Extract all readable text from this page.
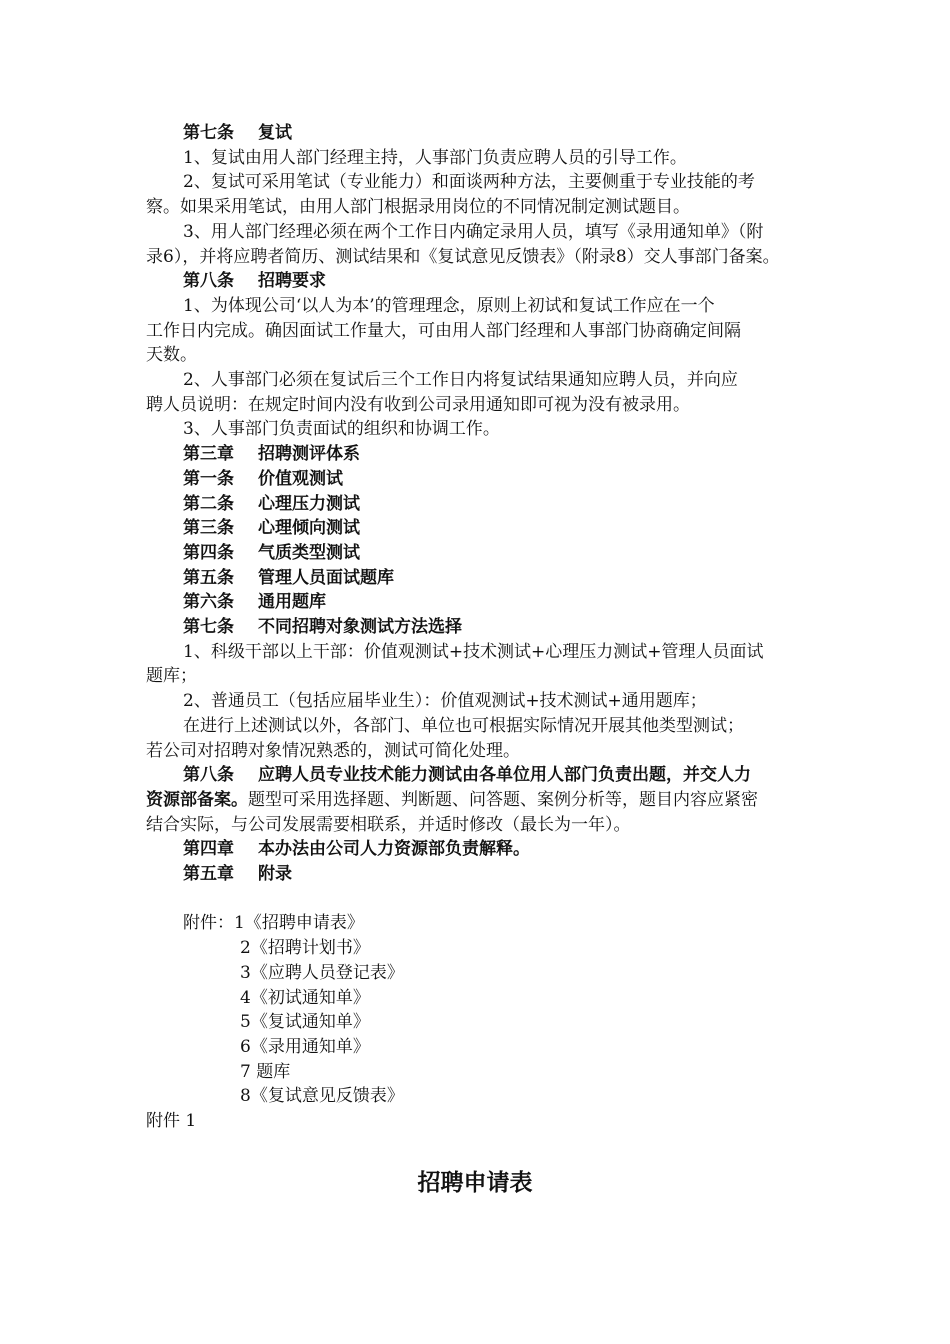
第七条 复试
1、复试由用人部门经理主持，人事部门负责应聘人员的引导工作。
2、复试可采用笔试（专业能力）和面谈两种方法，主要侧重于专业技能的考
察。如果采用笔试，由用人部门根据录用岗位的不同情况制定测试题目。
3、用人部门经理必须在两个工作日内确定录用人员，填写《录用通知单》（附
录6），并将应聘者简历、测试结果和《复试意见反馈表》（附录8）交人事部门备案。
第八条 招聘要求
1、为体现公司‘以人为本’的管理理念，原则上初试和复试工作应在一个
工作日内完成。确因面试工作量大，可由用人部门经理和人事部门协商确定间隔
天数。
2、人事部门必须在复试后三个工作日内将复试结果通知应聘人员，并向应
聘人员说明：在规定时间内没有收到公司录用通知即可视为没有被录用。
3、人事部门负责面试的组织和协调工作。
第三章 招聘测评体系
第一条 价值观测试
第二条 心理压力测试
第三条 心理倾向测试
第四条 气质类型测试
第五条 管理人员面试题库
第六条 通用题库
第七条 不同招聘对象测试方法选择
1、科级干部以上干部：价值观测试+技术测试+心理压力测试+管理人员面试
题库；
2、普通员工（包括应届毕业生）：价值观测试+技术测试+通用题库；
在进行上述测试以外，各部门、单位也可根据实际情况开展其他类型测试；
若公司对招聘对象情况熟悉的，测试可简化处理。
第八条 应聘人员专业技术能力测试由各单位用人部门负责出题，并交人力
资源部备案。题型可采用选择题、判断题、问答题、案例分析等，题目内容应紧密
结合实际，与公司发展需要相联系，并适时修改（最长为一年）。
第四章 本办法由公司人力资源部负责解释。
第五章 附录
附件：1《招聘申请表》
2《招聘计划书》
3《应聘人员登记表》
4《初试通知单》
5《复试通知单》
6《录用通知单》
7 题库
8《复试意见反馈表》
附件 1
招聘申请表
